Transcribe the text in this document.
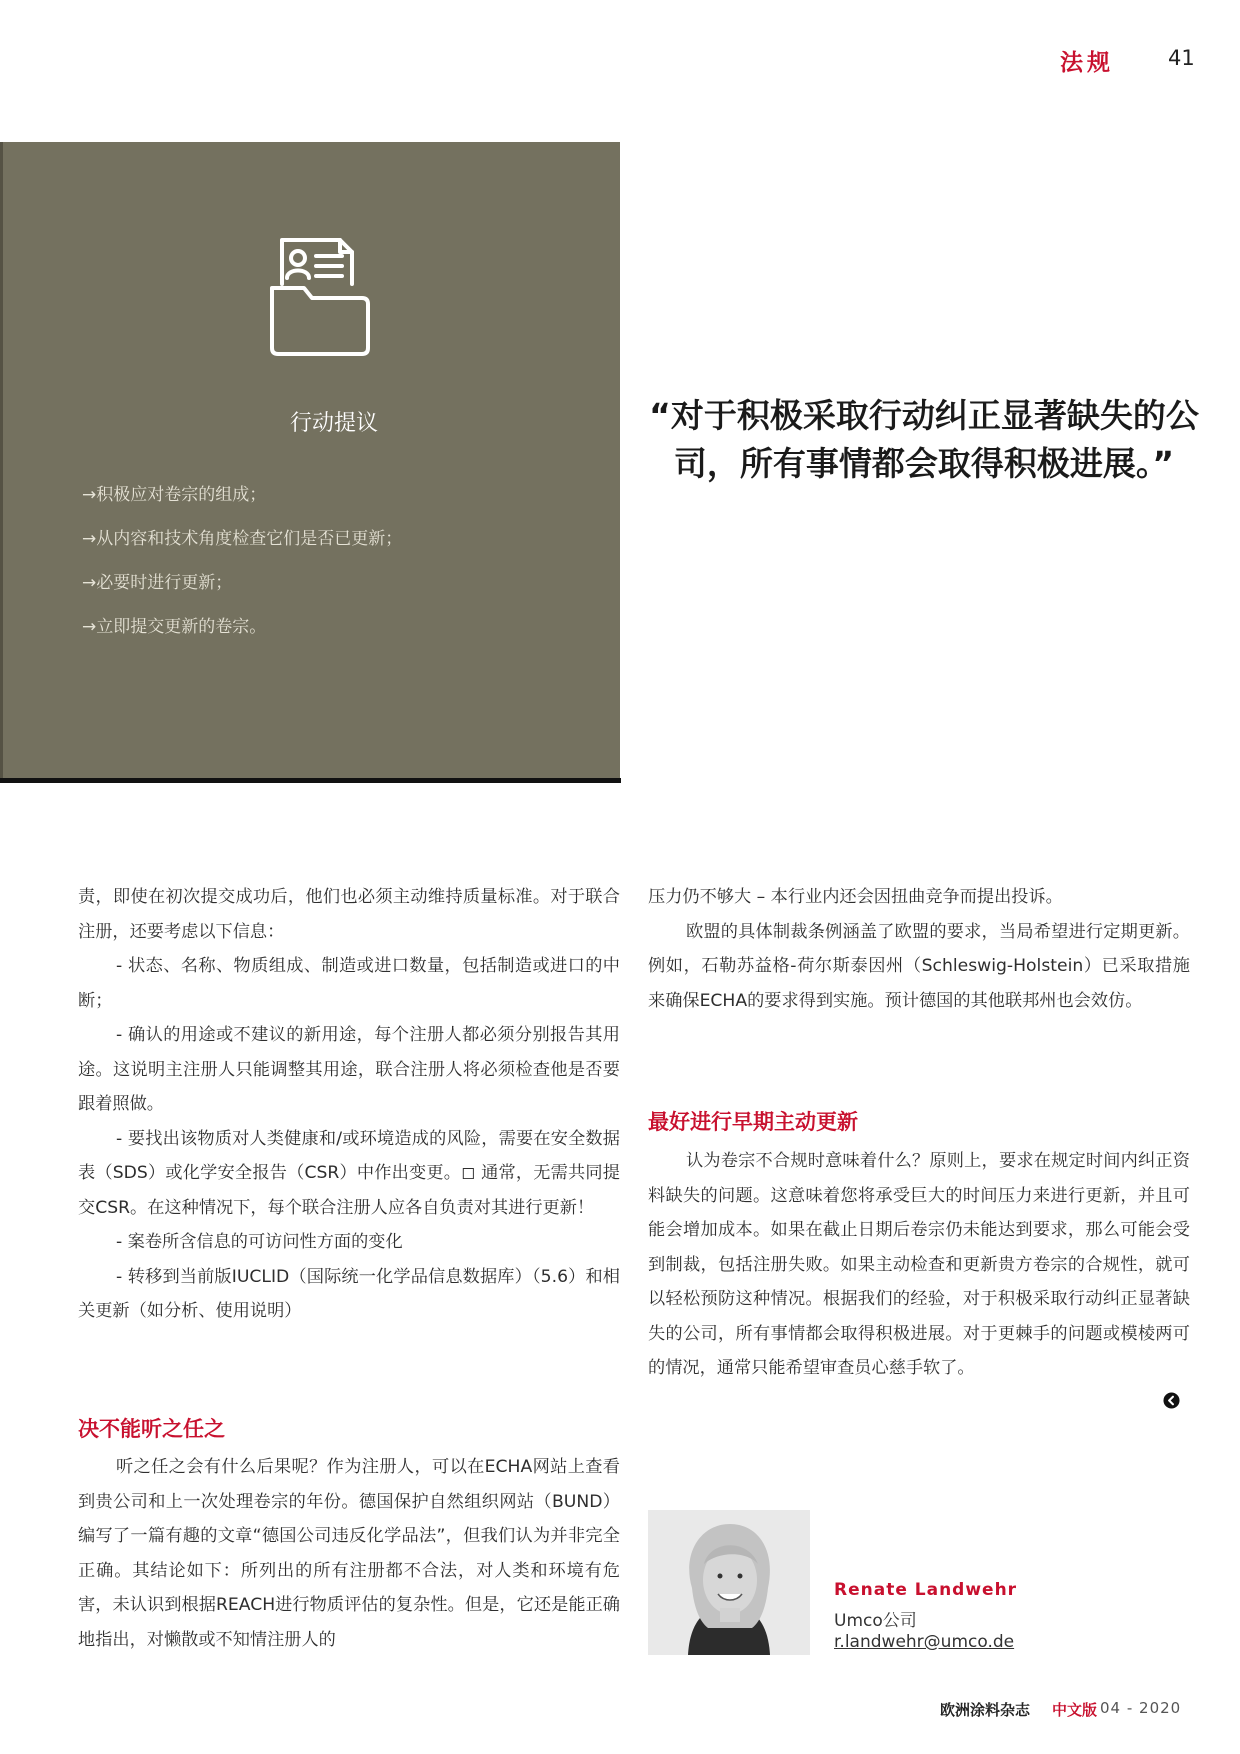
法规	41
行动提议
→积极应对卷宗的组成；
→从内容和技术角度检查它们是否已更新；
→必要时进行更新；
→立即提交更新的卷宗。
“对于积极采取行动纠正显著缺失的公司，所有事情都会取得积极进展。”

责，即使在初次提交成功后，他们也必须主动维持质量标准。对于联合注册，还要考虑以下信息：

- 状态、名称、物质组成、制造或进口数量，包括制造或进口的中断；

- 确认的用途或不建议的新用途，每个注册人都必须分别报告其用途。这说明主注册人只能调整其用途，联合注册人将必须检查他是否要跟着照做。

- 要找出该物质对人类健康和/或环境造成的风险，需要在安全数据表（SDS）或化学安全报告（CSR）中作出变更。◻ 通常，无需共同提交CSR。在这种情况下，每个联合注册人应各自负责对其进行更新！

- 案卷所含信息的可访问性方面的变化

- 转移到当前版IUCLID（国际统一化学品信息数据库）（5.6）和相关更新（如分析、使用说明）

压力仍不够大 – 本行业内还会因扭曲竞争而提出投诉。

欧盟的具体制裁条例涵盖了欧盟的要求，当局希望进行定期更新。例如，石勒苏益格-荷尔斯泰因州（Schleswig-Holstein）已采取措施来确保ECHA的要求得到实施。预计德国的其他联邦州也会效仿。

最好进行早期主动更新

认为卷宗不合规时意味着什么？原则上，要求在规定时间内纠正资料缺失的问题。这意味着您将承受巨大的时间压力来进行更新，并且可能会增加成本。如果在截止日期后卷宗仍未能达到要求，那么可能会受到制裁，包括注册失败。如果主动检查和更新贵方卷宗的合规性，就可以轻松预防这种情况。根据我们的经验，对于积极采取行动纠正显著缺失的公司，所有事情都会取得积极进展。对于更棘手的问题或模棱两可的情况，通常只能希望审查员心慈手软了。

决不能听之任之

听之任之会有什么后果呢？作为注册人，可以在ECHA网站上查看到贵公司和上一次处理卷宗的年份。德国保护自然组织网站（BUND）编写了一篇有趣的文章“德国公司违反化学品法”，但我们认为并非完全正确。其结论如下：所列出的所有注册都不合法，对人类和环境有危害，未认识到根据REACH进行物质评估的复杂性。但是，它还是能正确地指出，对懒散或不知情注册人的

Renate Landwehr
Umco公司
r.landwehr@umco.de
欧洲涂料杂志 中文版 04 - 2020
